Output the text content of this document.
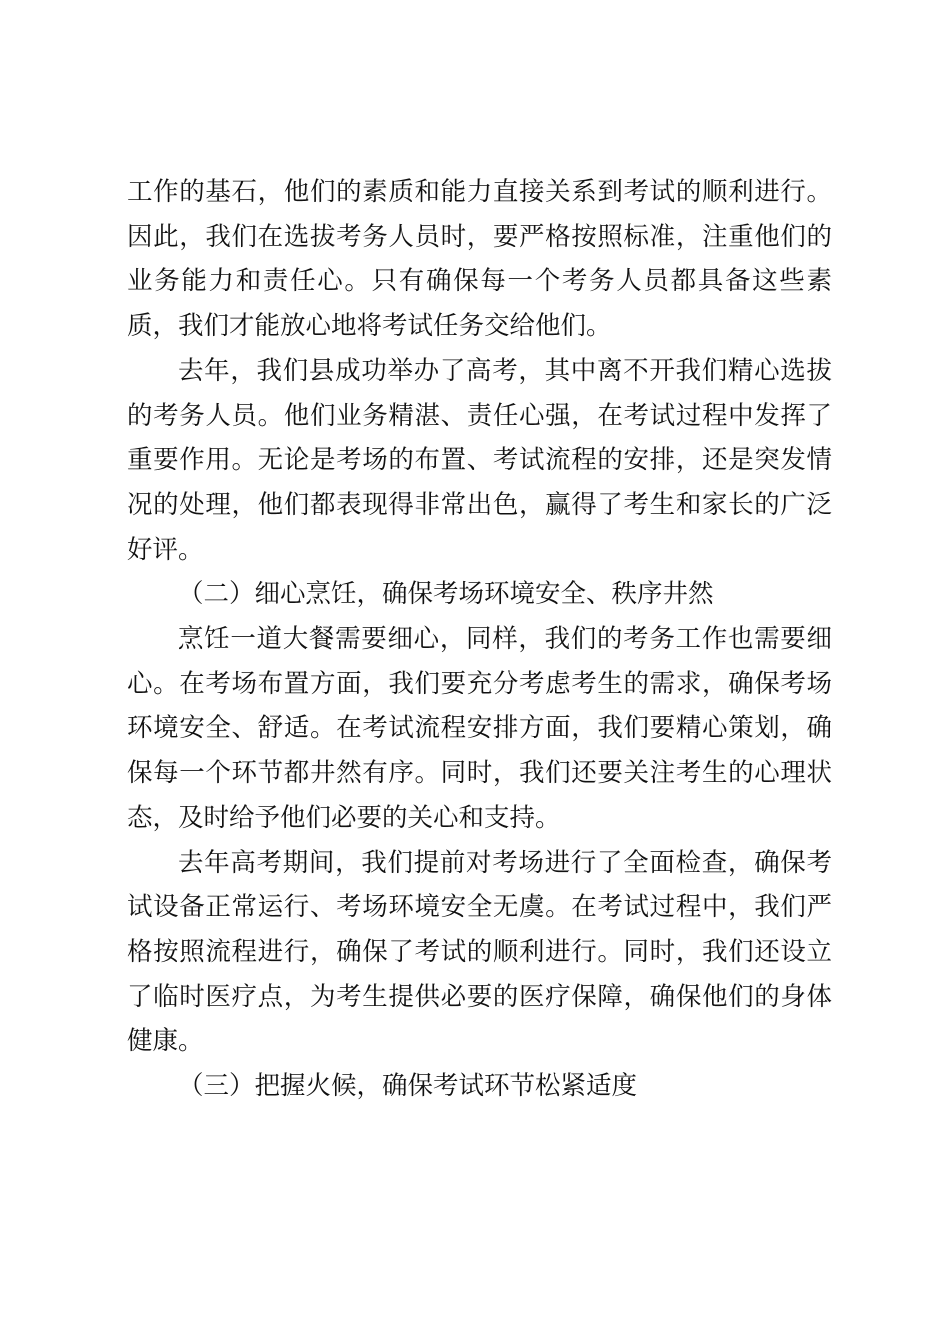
工作的基石，他们的素质和能力直接关系到考试的顺利进行。因此，我们在选拔考务人员时，要严格按照标准，注重他们的业务能力和责任心。只有确保每一个考务人员都具备这些素质，我们才能放心地将考试任务交给他们。

去年，我们县成功举办了高考，其中离不开我们精心选拔的考务人员。他们业务精湛、责任心强，在考试过程中发挥了重要作用。无论是考场的布置、考试流程的安排，还是突发情况的处理，他们都表现得非常出色，赢得了考生和家长的广泛好评。

（二）细心烹饪，确保考场环境安全、秩序井然

烹饪一道大餐需要细心，同样，我们的考务工作也需要细心。在考场布置方面，我们要充分考虑考生的需求，确保考场环境安全、舒适。在考试流程安排方面，我们要精心策划，确保每一个环节都井然有序。同时，我们还要关注考生的心理状态，及时给予他们必要的关心和支持。

去年高考期间，我们提前对考场进行了全面检查，确保考试设备正常运行、考场环境安全无虞。在考试过程中，我们严格按照流程进行，确保了考试的顺利进行。同时，我们还设立了临时医疗点，为考生提供必要的医疗保障，确保他们的身体健康。

（三）把握火候，确保考试环节松紧适度
